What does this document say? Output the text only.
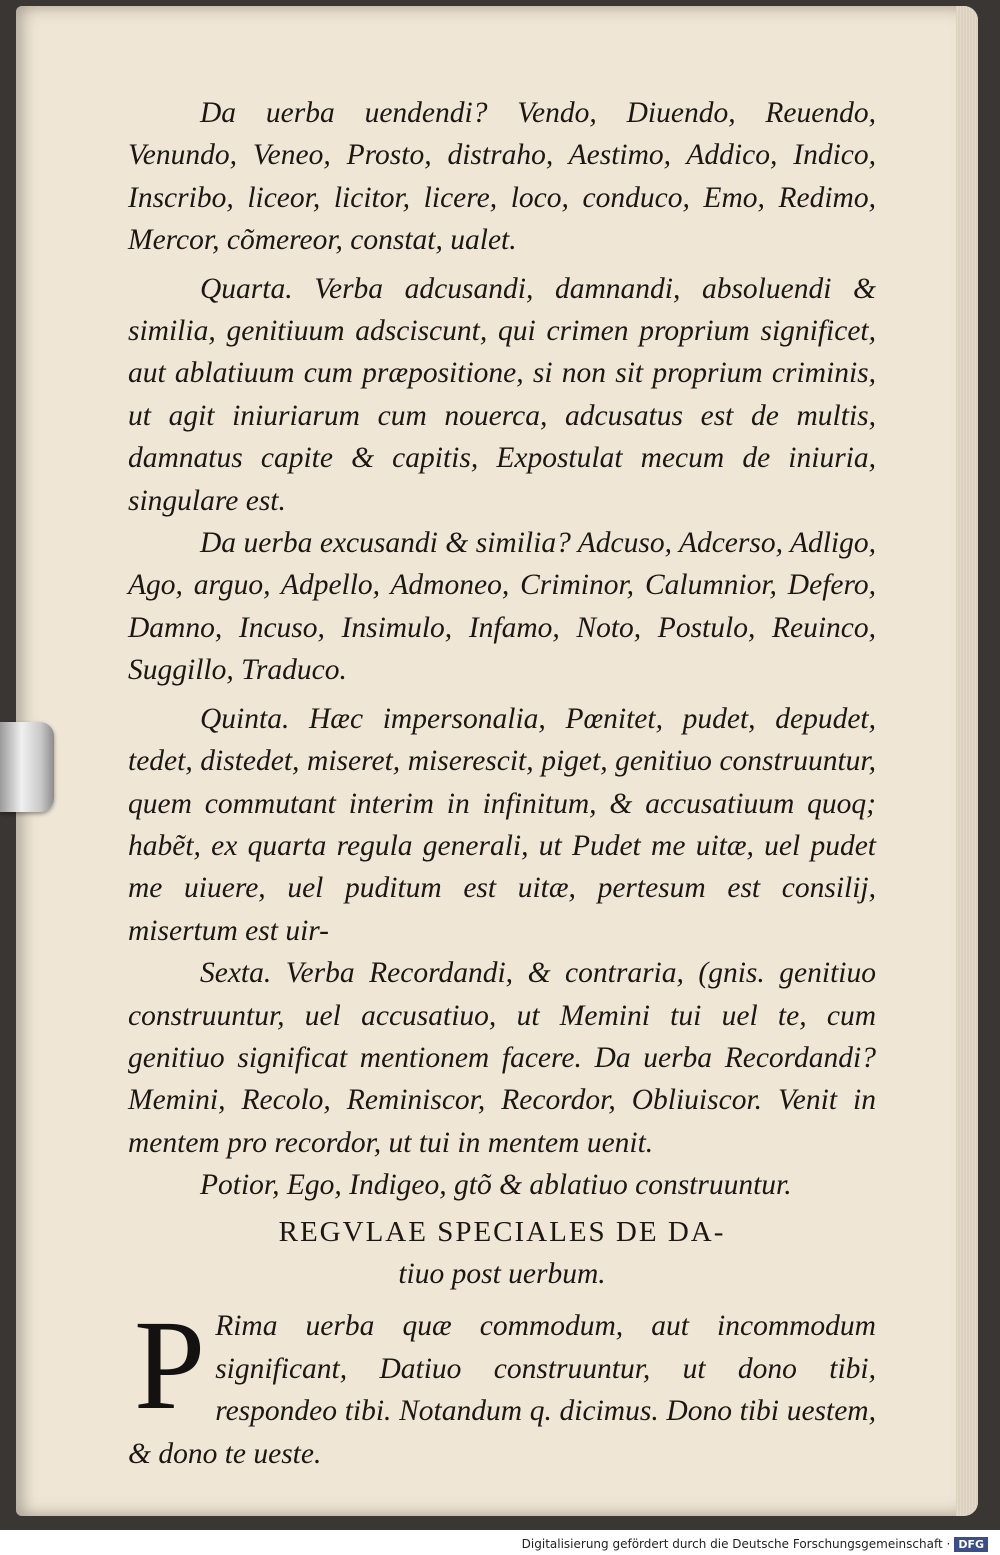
Da uerba uendendi? Vendo, Diuendo, Reuendo, Venundo, Veneo, Prosto, distraho, Aestimo, Addico, Indico, Inscribo, liceor, licitor, licere, loco, conduco, Emo, Redimo, Mercor, cõmereor, constat, ualet.

Quarta. Verba adcusandi, damnandi, absoluendi & similia, genitiuum adsciscunt, qui crimen proprium significet, aut ablatiuum cum præpositione, si non sit proprium criminis, ut agit iniuriarum cum nouerca, adcusatus est de multis, damnatus capite & capitis, Expostulat mecum de iniuria, singulare est.

Da uerba excusandi & similia? Adcuso, Adcerso, Adligo, Ago, arguo, Adpello, Admoneo, Criminor, Calumnior, Defero, Damno, Incuso, Insimulo, Infamo, Noto, Postulo, Reuinco, Suggillo, Traduco.

Quinta. Hæc impersonalia, Pœnitet, pudet, depudet, tedet, distedet, miseret, miserescit, piget, genitiuo construuntur, quem commutant interim in infinitum, & accusatiuum quoq; habẽt, ex quarta regula generali, ut Pudet me uitæ, uel pudet me uiuere, uel puditum est uitæ, pertesum est consilij, misertum est uir-

Sexta. Verba Recordandi, & contraria, (gnis. genitiuo construuntur, uel accusatiuo, ut Memini tui uel te, cum genitiuo significat mentionem facere. Da uerba Recordandi? Memini, Recolo, Reminiscor, Recordor, Obliuiscor. Venit in mentem pro recordor, ut tui in mentem uenit.

Potior, Ego, Indigeo, gtõ & ablatiuo construuntur.

REGVLAE SPECIALES DE DA-

tiuo post uerbum.

P Rima uerba quæ commodum, aut incommodum significant, Datiuo construuntur, ut dono tibi, respondeo tibi. Notandum q. dicimus. Dono tibi uestem, & dono te ueste.

Digitalisierung gefördert durch die Deutsche Forschungsgemeinschaft · DFG
